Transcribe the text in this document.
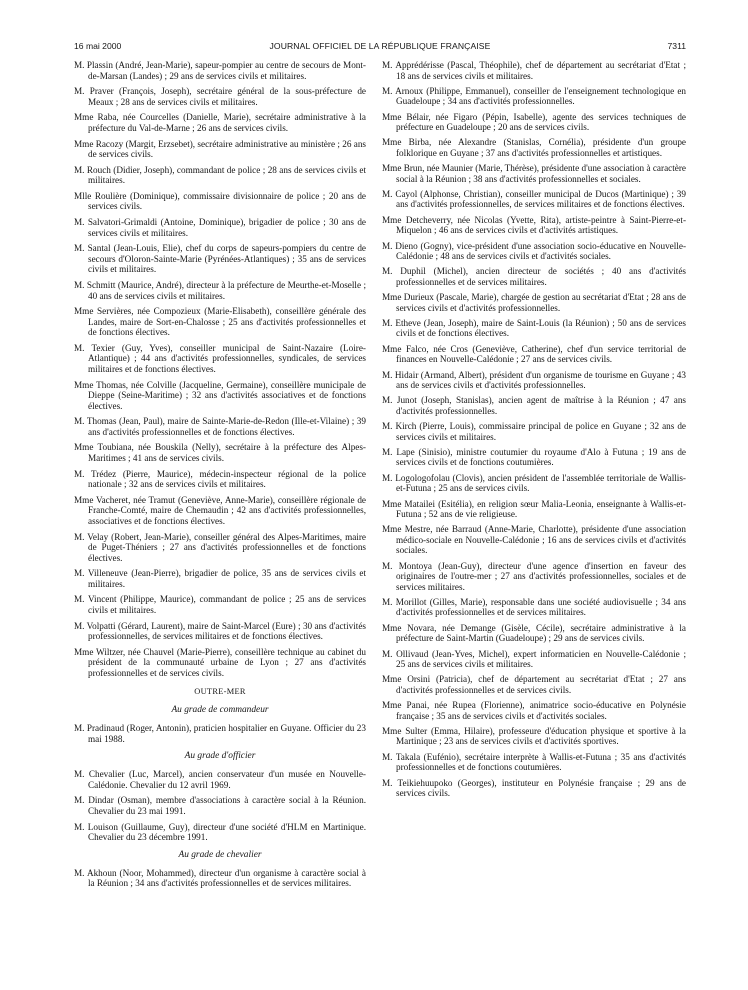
16 mai 2000	JOURNAL OFFICIEL DE LA RÉPUBLIQUE FRANÇAISE	7311

M. Plassin (André, Jean-Marie), sapeur-pompier au centre de secours de Mont-de-Marsan (Landes) ; 29 ans de services civils et militaires.

M. Praver (François, Joseph), secrétaire général de la sous-préfecture de Meaux ; 28 ans de services civils et militaires.

Mme Raba, née Courcelles (Danielle, Marie), secrétaire administrative à la préfecture du Val-de-Marne ; 26 ans de services civils.

Mme Racozy (Margit, Erzsebet), secrétaire administrative au ministère ; 26 ans de services civils.

M. Rouch (Didier, Joseph), commandant de police ; 28 ans de services civils et militaires.

Mlle Roulière (Dominique), commissaire divisionnaire de police ; 20 ans de services civils.

M. Salvatori-Grimaldi (Antoine, Dominique), brigadier de police ; 30 ans de services civils et militaires.

M. Santal (Jean-Louis, Elie), chef du corps de sapeurs-pompiers du centre de secours d'Oloron-Sainte-Marie (Pyrénées-Atlantiques) ; 35 ans de services civils et militaires.

M. Schmitt (Maurice, André), directeur à la préfecture de Meurthe-et-Moselle ; 40 ans de services civils et militaires.

Mme Servières, née Compozieux (Marie-Elisabeth), conseillère générale des Landes, maire de Sort-en-Chalosse ; 25 ans d'activités professionnelles et de fonctions électives.

M. Texier (Guy, Yves), conseiller municipal de Saint-Nazaire (Loire-Atlantique) ; 44 ans d'activités professionnelles, syndicales, de services militaires et de fonctions électives.

Mme Thomas, née Colville (Jacqueline, Germaine), conseillère municipale de Dieppe (Seine-Maritime) ; 32 ans d'activités associatives et de fonctions électives.

M. Thomas (Jean, Paul), maire de Sainte-Marie-de-Redon (Ille-et-Vilaine) ; 39 ans d'activités professionnelles et de fonctions électives.

Mme Toubiana, née Bouskila (Nelly), secrétaire à la préfecture des Alpes-Maritimes ; 41 ans de services civils.

M. Trédez (Pierre, Maurice), médecin-inspecteur régional de la police nationale ; 32 ans de services civils et militaires.

Mme Vacheret, née Tramut (Geneviève, Anne-Marie), conseillère régionale de Franche-Comté, maire de Chemaudin ; 42 ans d'activités professionnelles, associatives et de fonctions électives.

M. Velay (Robert, Jean-Marie), conseiller général des Alpes-Maritimes, maire de Puget-Théniers ; 27 ans d'activités professionnelles et de fonctions électives.

M. Villeneuve (Jean-Pierre), brigadier de police, 35 ans de services civils et militaires.

M. Vincent (Philippe, Maurice), commandant de police ; 25 ans de services civils et militaires.

M. Volpatti (Gérard, Laurent), maire de Saint-Marcel (Eure) ; 30 ans d'activités professionnelles, de services militaires et de fonctions électives.

Mme Wiltzer, née Chauvel (Marie-Pierre), conseillère technique au cabinet du président de la communauté urbaine de Lyon ; 27 ans d'activités professionnelles et de services civils.

OUTRE-MER
Au grade de commandeur

M. Pradinaud (Roger, Antonin), praticien hospitalier en Guyane. Officier du 23 mai 1988.

Au grade d'officier

M. Chevalier (Luc, Marcel), ancien conservateur d'un musée en Nouvelle-Calédonie. Chevalier du 12 avril 1969.

M. Dindar (Osman), membre d'associations à caractère social à la Réunion. Chevalier du 23 mai 1991.

M. Louison (Guillaume, Guy), directeur d'une société d'HLM en Martinique. Chevalier du 23 décembre 1991.

Au grade de chevalier

M. Akhoun (Noor, Mohammed), directeur d'un organisme à caractère social à la Réunion ; 34 ans d'activités professionnelles et de services militaires.

M. Apprédérisse (Pascal, Théophile), chef de département au secrétariat d'Etat ; 18 ans de services civils et militaires.

M. Arnoux (Philippe, Emmanuel), conseiller de l'enseignement technologique en Guadeloupe ; 34 ans d'activités professionnelles.

Mme Bélair, née Figaro (Pépin, Isabelle), agente des services techniques de préfecture en Guadeloupe ; 20 ans de services civils.

Mme Birba, née Alexandre (Stanislas, Cornélia), présidente d'un groupe folklorique en Guyane ; 37 ans d'activités professionnelles et artistiques.

Mme Brun, née Maunier (Marie, Thérèse), présidente d'une association à caractère social à la Réunion ; 38 ans d'activités professionnelles et sociales.

M. Cayol (Alphonse, Christian), conseiller municipal de Ducos (Martinique) ; 39 ans d'activités professionnelles, de services militaires et de fonctions électives.

Mme Detcheverry, née Nicolas (Yvette, Rita), artiste-peintre à Saint-Pierre-et-Miquelon ; 46 ans de services civils et d'activités artistiques.

M. Dieno (Gogny), vice-président d'une association socio-éducative en Nouvelle-Calédonie ; 48 ans de services civils et d'activités sociales.

M. Duphil (Michel), ancien directeur de sociétés ; 40 ans d'activités professionnelles et de services militaires.

Mme Durieux (Pascale, Marie), chargée de gestion au secrétariat d'Etat ; 28 ans de services civils et d'activités professionnelles.

M. Etheve (Jean, Joseph), maire de Saint-Louis (la Réunion) ; 50 ans de services civils et de fonctions électives.

Mme Falco, née Cros (Geneviève, Catherine), chef d'un service territorial de finances en Nouvelle-Calédonie ; 27 ans de services civils.

M. Hidair (Armand, Albert), président d'un organisme de tourisme en Guyane ; 43 ans de services civils et d'activités professionnelles.

M. Junot (Joseph, Stanislas), ancien agent de maîtrise à la Réunion ; 47 ans d'activités professionnelles.

M. Kirch (Pierre, Louis), commissaire principal de police en Guyane ; 32 ans de services civils et militaires.

M. Lape (Sinisio), ministre coutumier du royaume d'Alo à Futuna ; 19 ans de services civils et de fonctions coutumières.

M. Logologofolau (Clovis), ancien président de l'assemblée territoriale de Wallis-et-Futuna ; 25 ans de services civils.

Mme Matailei (Esitélia), en religion sœur Malia-Leonia, enseignante à Wallis-et-Futuna ; 52 ans de vie religieuse.

Mme Mestre, née Barraud (Anne-Marie, Charlotte), présidente d'une association médico-sociale en Nouvelle-Calédonie ; 16 ans de services civils et d'activités sociales.

M. Montoya (Jean-Guy), directeur d'une agence d'insertion en faveur des originaires de l'outre-mer ; 27 ans d'activités professionnelles, sociales et de services militaires.

M. Morillot (Gilles, Marie), responsable dans une société audiovisuelle ; 34 ans d'activités professionnelles et de services militaires.

Mme Novara, née Demange (Gisèle, Cécile), secrétaire administrative à la préfecture de Saint-Martin (Guadeloupe) ; 29 ans de services civils.

M. Ollivaud (Jean-Yves, Michel), expert informaticien en Nouvelle-Calédonie ; 25 ans de services civils et militaires.

Mme Orsini (Patricia), chef de département au secrétariat d'Etat ; 27 ans d'activités professionnelles et de services civils.

Mme Panai, née Rupea (Florienne), animatrice socio-éducative en Polynésie française ; 35 ans de services civils et d'activités sociales.

Mme Sulter (Emma, Hilaire), professeure d'éducation physique et sportive à la Martinique ; 23 ans de services civils et d'activités sportives.

M. Takala (Eufénio), secrétaire interprète à Wallis-et-Futuna ; 35 ans d'activités professionnelles et de fonctions coutumières.

M. Teikiehuupoko (Georges), instituteur en Polynésie française ; 29 ans de services civils.
